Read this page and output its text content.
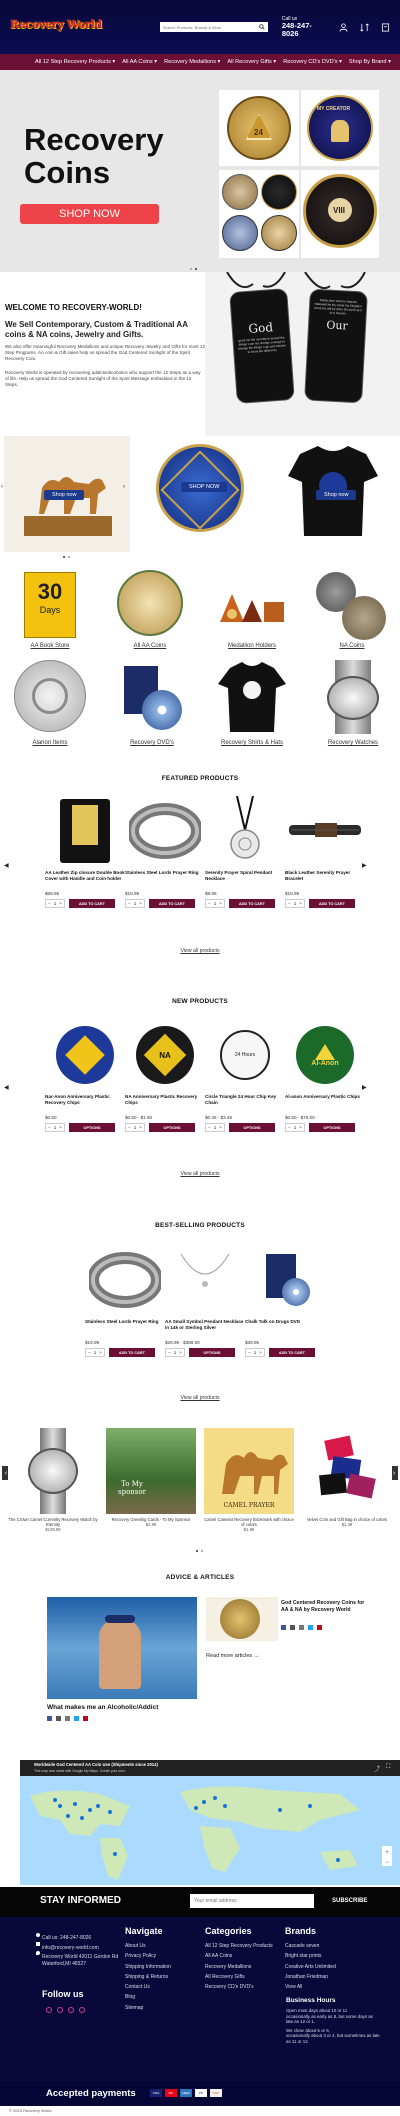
Recovery World
Search Products, Brands & More	Call us
248-247-8026
All 12 Step Recovery Products ▾ All AA Coins ▾ Recovery Medallions ▾ All Recovery Gifts ▾ Recovery CD's DVD's ▾ Shop By Brand ▾
Recovery
Coins
SHOP NOW
24
MY CREATOR
VIII
WELCOME TO RECOVERY-WORLD!
We Sell Contemporary, Custom & Traditional AA coins & NA coins, Jewelry and Gifts.

We also offer meaningful Recovery Medallions and unique Recovery Jewelry and Gifts for most 12 Step Programs. AA coin & Gift sales help us spread the God Centered Sunlight of the Spirit Recovery Coin.

Recovery World is operated by recovering addicts/alcoholics who support the 12 Steps as a way of life. Help us spread the God Centered Sunlight of the Spirit Message embedded in the 12 Steps.

God
grant me the serenity to accept the things I can not change courage to change the things I can and wisdom to know the difference
Father,here we'll be Heaven Hallowed be thy name thy Kingdom come thy will be done On earth as it is in heaven
Our
Shop now
‹	›	SHOP NOW
Shop now
30
Days
AA Book Store	All AA Coins	Medallion Holders	NA Coins
Alanon Items	Recovery DVD's	Recovery Shirts & Hats	Recovery Watches
FEATURED PRODUCTS
◀	▶
AA Leather Zip closure Double Book Cover with Handle and Coin holder
$69.95
− 1 +	ADD TO CART
Stainless Steel Lords Prayer Ring
$19.99
− 1 +	ADD TO CART
Serenity Prayer Spiral Pendant Necklace
$9.95
− 1 +	ADD TO CART
Black Leather Serenity Prayer Bracelet
$19.99
− 1 +	ADD TO CART
View all products
NEW PRODUCTS
◀	▶
Nar-Anon Anniversary Plastic Recovery Chips
$0.50
− 1 +	OPTIONS
NA
NA Anniversary Plastic Recovery Chips
$0.50 - $1.50
− 1 +	OPTIONS
24 Hours
Circle Triangle 24 Hour Chip Key Chain
$0.45 - $3.45
− 1 +	OPTIONS
Al-Anon
Al-anon Anniversary Plastic Chips
$0.50 - $75.00
− 1 +	OPTIONS
View all products
BEST-SELLING PRODUCTS
Stainless Steel Lords Prayer Ring
$19.99
− 1 +	ADD TO CART
AA Small Symbol Pendant Necklace in 14k or Sterling Silver
$29.95 - $389.00
− 1 +	OPTIONS
Chalk Talk on Drugs DVD
$39.95
− 1 +	ADD TO CART
View all products
‹	›
The Crown Camel Currently Recovery Watch by Eternity
$129.99
To My sponsor
Recovery Greeting Cards - To My Sponsor
$2.99
CAMEL PRAYER
Camel Camelot Recovery Bookmark with choice of colors
$1.99
Velvet Coin and Gift Bag in choice of colors
$1.49
ADVICE & ARTICLES
What makes me an Alcoholic/Addict
God Centered Recovery Coins for AA & NA by Recovery World
Read more articles →
Worldwide God Centered AA Coin Use (Shipments since 2014)
This map was made with Google My Maps. Create your own.	⤴ ⛶
+
−
STAY INFORMED
Your email address	SUBSCRIBE
Call us: 248-247-8026
info@recovery-world.com
Recovery World 42011 Gordon Rd Waterford,MI 48327
Follow us
Navigate
About Us
Privacy Policy
Shipping Information
Shipping & Returns
Contact Us
Blog
Sitemap
Categories
All 12 Step Recovery Products
All AA Coins
Recovery Medallions
All Recovery Gifts
Recovery CD's DVD's
Brands
Cascade seven
Bright star prints
Creative Arts Unlimited
Jonathan Friedman
View All
Business Hours
Open most days about 10 or 11
occasionally as early as 8, but some days as late as 12 or 1.
We close about 5 or 6,
occasionally about 3 or 4, but sometimes as late as 11 or 12.
Accepted payments	VISA	MC	AMEX	PP	DISC
© 2024 Recovery World
